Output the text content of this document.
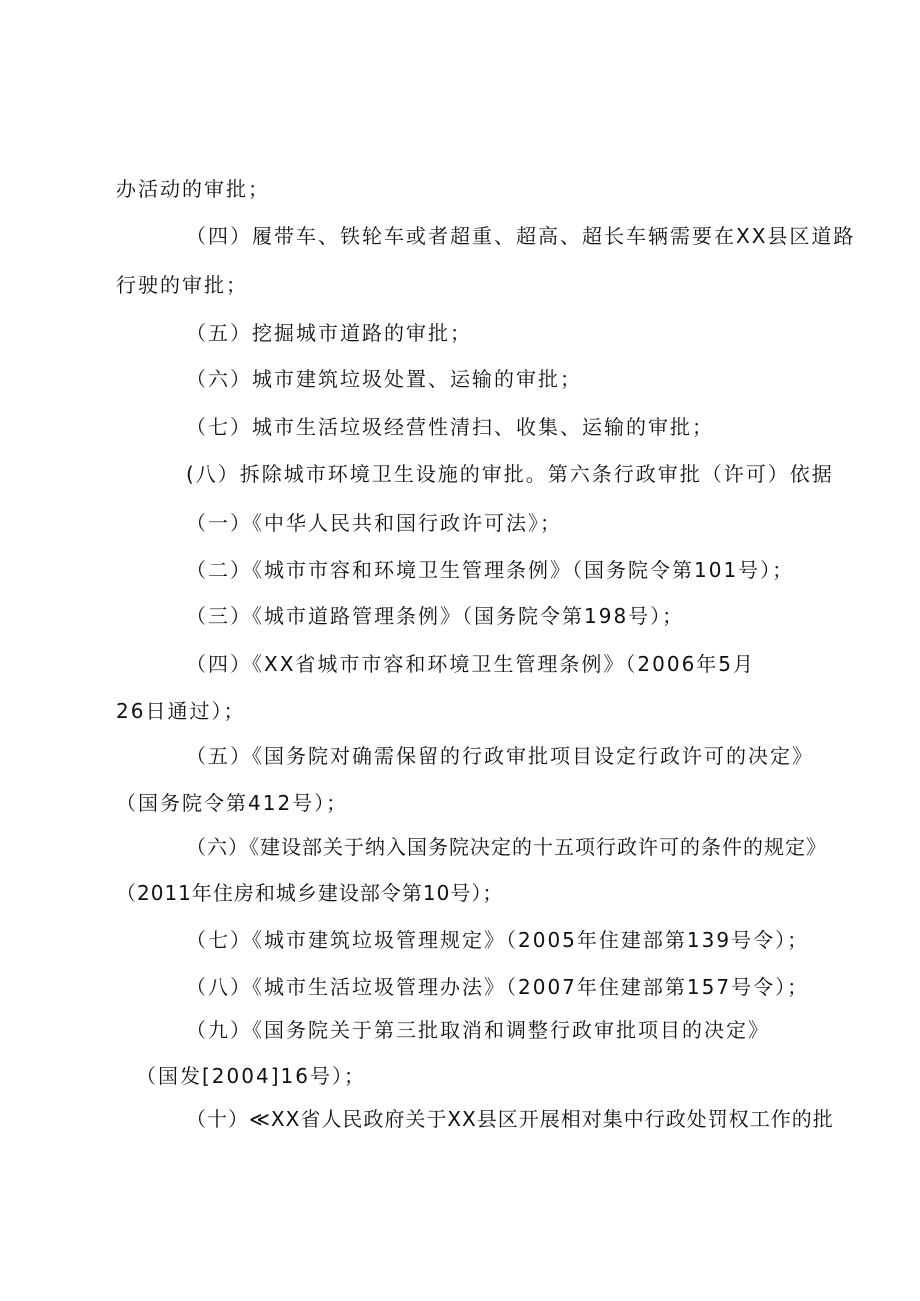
办活动的审批；
（四）履带车、铁轮车或者超重、超高、超长车辆需要在XX县区道路
行驶的审批；
（五）挖掘城市道路的审批；
（六）城市建筑垃圾处置、运输的审批；
（七）城市生活垃圾经营性清扫、收集、运输的审批；
(八）拆除城市环境卫生设施的审批。第六条行政审批（许可）依据
（一）《中华人民共和国行政许可法》；
（二）《城市市容和环境卫生管理条例》（国务院令第101号）；
（三）《城市道路管理条例》（国务院令第198号）；
（四）《XX省城市市容和环境卫生管理条例》（2006年5月
26日通过）；
（五）《国务院对确需保留的行政审批项目设定行政许可的决定》
（国务院令第412号）；
（六）《建设部关于纳入国务院决定的十五项行政许可的条件的规定》
（2011年住房和城乡建设部令第10号）；
（七）《城市建筑垃圾管理规定》（2005年住建部第139号令）；
（八）《城市生活垃圾管理办法》（2007年住建部第157号令）；
（九）《国务院关于第三批取消和调整行政审批项目的决定》
（国发[2004]16号）；
（十）≪XX省人民政府关于XX县区开展相对集中行政处罚权工作的批
